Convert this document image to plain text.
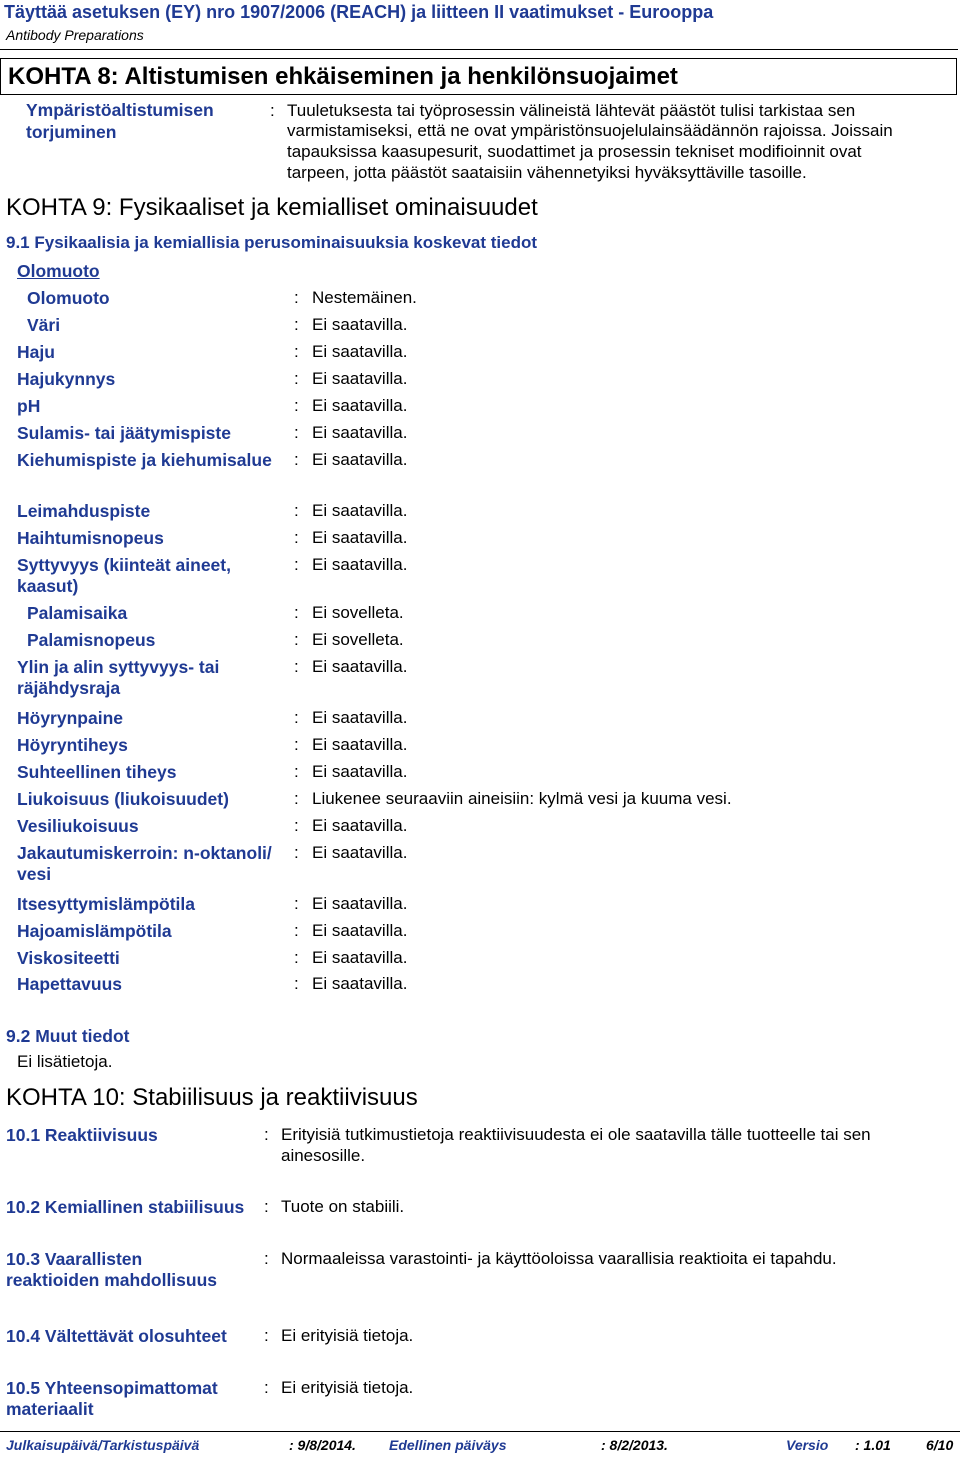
Täyttää asetuksen (EY) nro 1907/2006 (REACH) ja liitteen II vaatimukset - Eurooppa
Antibody Preparations
KOHTA 8: Altistumisen ehkäiseminen ja henkilönsuojaimet
Ympäristöaltistumisen
torjuminen
: Tuuletuksesta tai työprosessin välineistä lähtevät päästöt tulisi tarkistaa sen
varmistamiseksi, että ne ovat ympäristönsuojelulainsäädännön rajoissa. Joissain
tapauksissa kaasupesurit, suodattimet ja prosessin tekniset modifioinnit ovat
tarpeen, jotta päästöt saataisiin vähennetyiksi hyväksyttäville tasoille.
KOHTA 9: Fysikaaliset ja kemialliset ominaisuudet
9.1 Fysikaalisia ja kemiallisia perusominaisuuksia koskevat tiedot
Olomuoto
Olomuoto	: Nestemäinen.
Väri	: Ei saatavilla.
Haju	: Ei saatavilla.
Hajukynnys	: Ei saatavilla.
pH	: Ei saatavilla.
Sulamis- tai jäätymispiste	: Ei saatavilla.
Kiehumispiste ja kiehumisalue : Ei saatavilla.
Leimahduspiste	: Ei saatavilla.
Haihtumisnopeus	: Ei saatavilla.
Syttyvyys (kiinteät aineet,
kaasut)
: Ei saatavilla.
Palamisaika	: Ei sovelleta.
Palamisnopeus	: Ei sovelleta.
Ylin ja alin syttyvyys- tai
räjähdysraja
: Ei saatavilla.
Höyrynpaine	: Ei saatavilla.
Höyryntiheys	: Ei saatavilla.
Suhteellinen tiheys	: Ei saatavilla.
Liukoisuus (liukoisuudet)	: Liukenee seuraaviin aineisiin: kylmä vesi ja kuuma vesi.
Vesiliukoisuus	: Ei saatavilla.
Jakautumiskerroin: n-oktanoli/
vesi
: Ei saatavilla.
Itsesyttymislämpötila	: Ei saatavilla.
Hajoamislämpötila	: Ei saatavilla.
Viskositeetti	: Ei saatavilla.
Hapettavuus	: Ei saatavilla.
9.2 Muut tiedot
Ei lisätietoja.
KOHTA 10: Stabiilisuus ja reaktiivisuus
10.1 Reaktiivisuus	: Erityisiä tutkimustietoja reaktiivisuudesta ei ole saatavilla tälle tuotteelle tai sen
ainesosille.
10.2 Kemiallinen stabiilisuus : Tuote on stabiili.
10.3 Vaarallisten
reaktioiden mahdollisuus
: Normaaleissa varastointi- ja käyttöoloissa vaarallisia reaktioita ei tapahdu.
10.4 Vältettävät olosuhteet : Ei erityisiä tietoja.
10.5 Yhteensopimattomat
materiaalit
: Ei erityisiä tietoja.
Julkaisupäivä/Tarkistuspäivä	: 9/8/2014. Edellinen päiväys	: 8/2/2013.	Versio : 1.01	6/10
